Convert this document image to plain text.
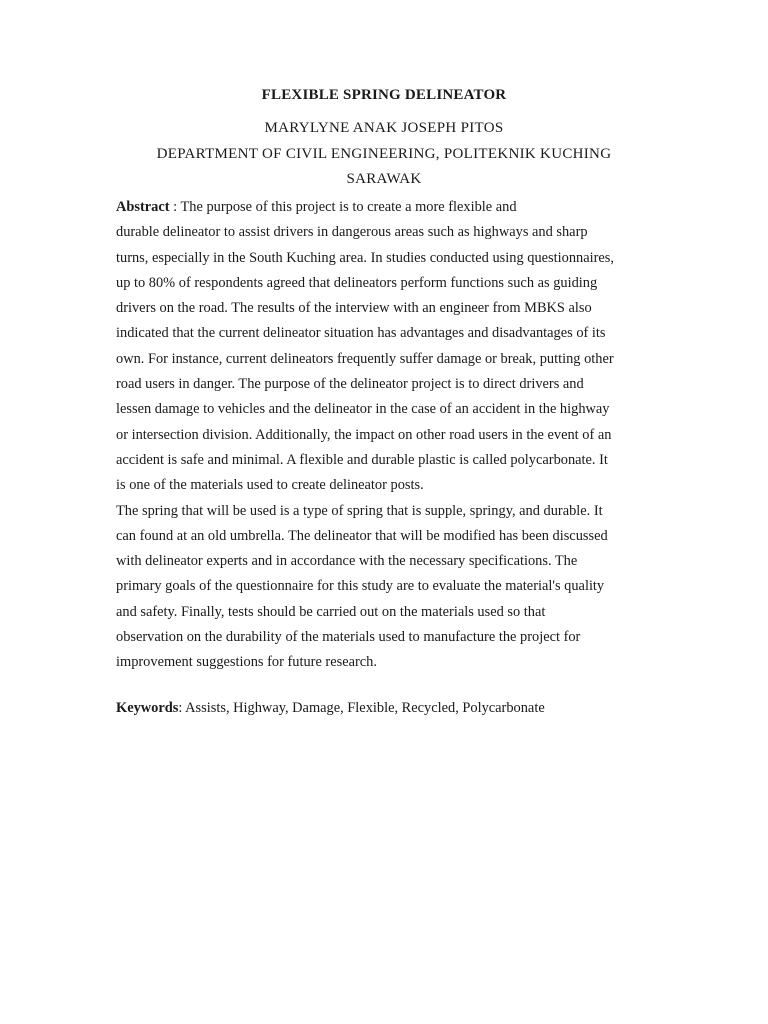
FLEXIBLE SPRING DELINEATOR
MARYLYNE ANAK JOSEPH PITOS
DEPARTMENT OF CIVIL ENGINEERING, POLITEKNIK KUCHING
SARAWAK

Abstract : The purpose of this project is to create a more flexible and

durable delineator to assist drivers in dangerous areas such as highways and sharp

turns, especially in the South Kuching area. In studies conducted using questionnaires,

up to 80% of respondents agreed that delineators perform functions such as guiding

drivers on the road. The results of the interview with an engineer from MBKS also

indicated that the current delineator situation has advantages and disadvantages of its

own. For instance, current delineators frequently suffer damage or break, putting other

road users in danger. The purpose of the delineator project is to direct drivers and

lessen damage to vehicles and the delineator in the case of an accident in the highway

or intersection division. Additionally, the impact on other road users in the event of an

accident is safe and minimal. A flexible and durable plastic is called polycarbonate. It

is one of the materials used to create delineator posts.

The spring that will be used is a type of spring that is supple, springy, and durable. It

can found at an old umbrella. The delineator that will be modified has been discussed

with delineator experts and in accordance with the necessary specifications. The

primary goals of the questionnaire for this study are to evaluate the material's quality

and safety. Finally, tests should be carried out on the materials used so that

observation on the durability of the materials used to manufacture the project for

improvement suggestions for future research.

Keywords: Assists, Highway, Damage, Flexible, Recycled, Polycarbonate
